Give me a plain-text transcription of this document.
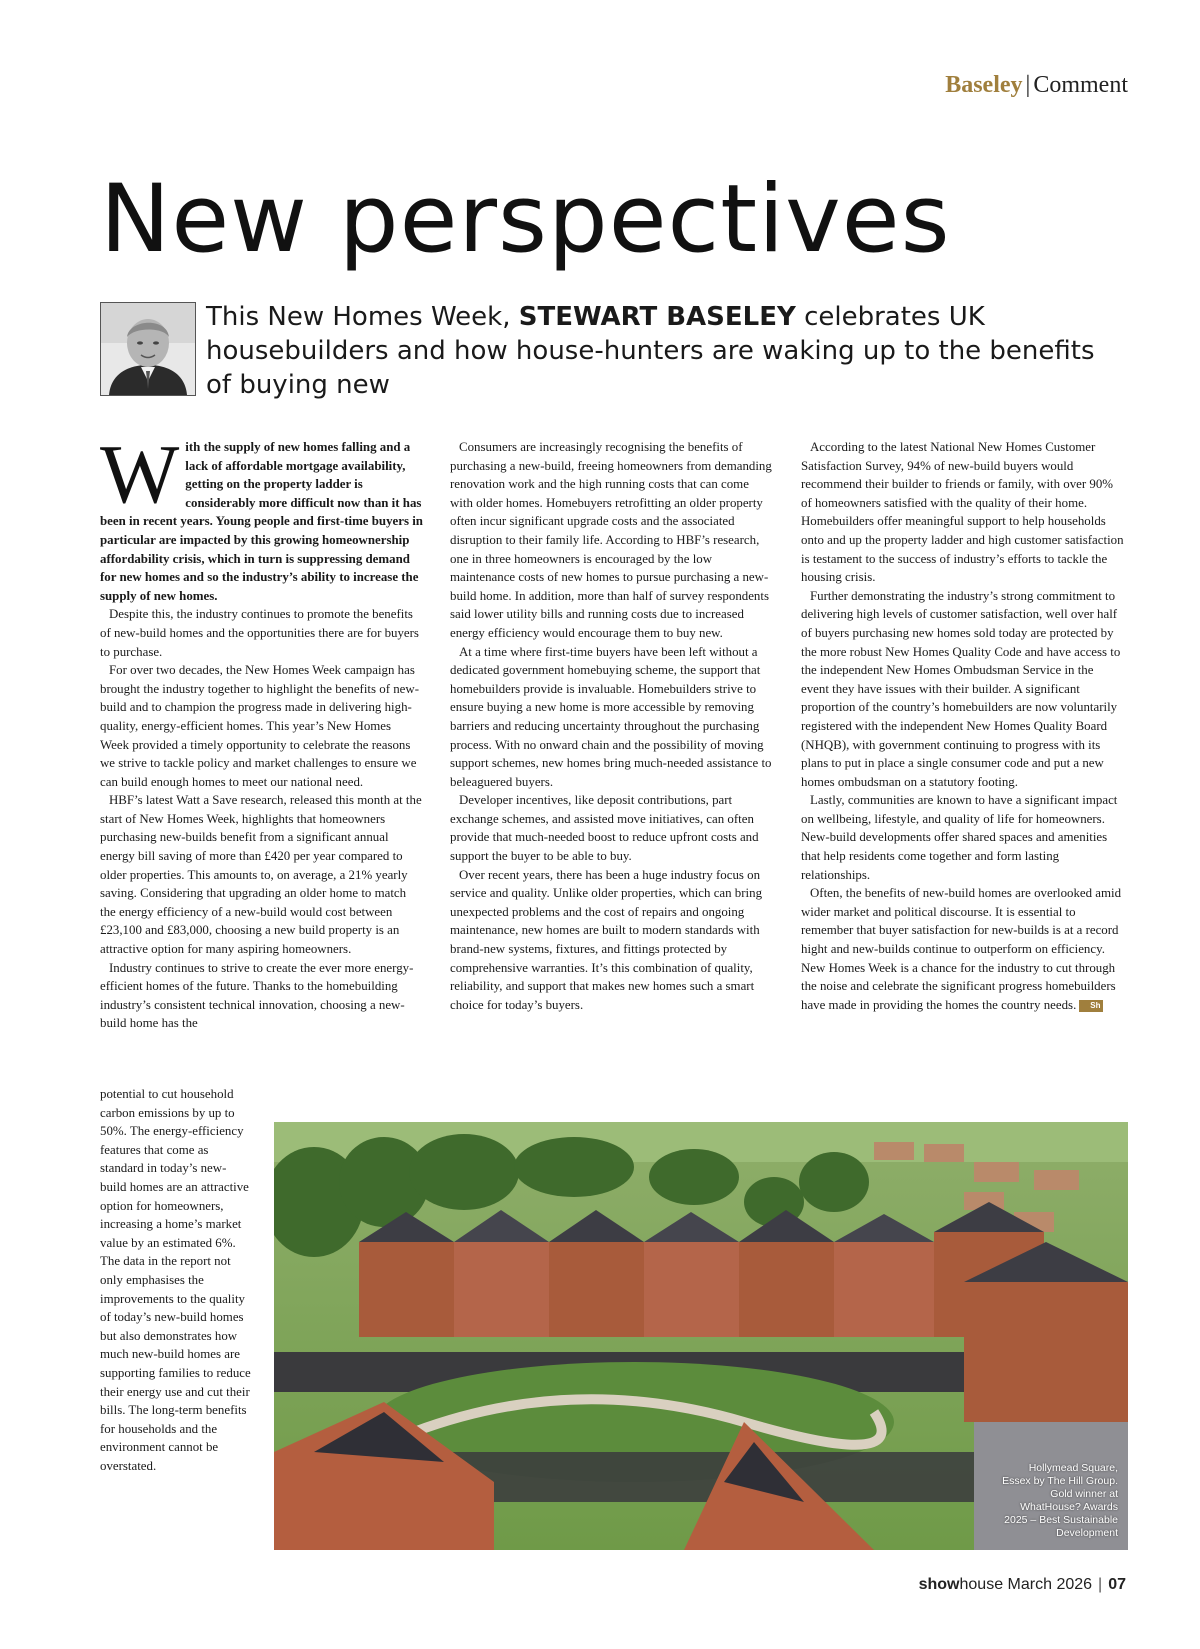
Baseley | Comment
New perspectives
This New Homes Week, STEWART BASELEY celebrates UK housebuilders and how house-hunters are waking up to the benefits of buying new

With the supply of new homes falling and a lack of affordable mortgage availability, getting on the property ladder is considerably more difficult now than it has been in recent years. Young people and first-time buyers in particular are impacted by this growing homeownership affordability crisis, which in turn is suppressing demand for new homes and so the industry’s ability to increase the supply of new homes.

Despite this, the industry continues to promote the benefits of new-build homes and the opportunities there are for buyers to purchase.

For over two decades, the New Homes Week campaign has brought the industry together to highlight the benefits of new-build and to champion the progress made in delivering high-quality, energy-efficient homes. This year’s New Homes Week provided a timely opportunity to celebrate the reasons we strive to tackle policy and market challenges to ensure we can build enough homes to meet our national need.

HBF’s latest Watt a Save research, released this month at the start of New Homes Week, highlights that homeowners purchasing new-builds benefit from a significant annual energy bill saving of more than £420 per year compared to older properties. This amounts to, on average, a 21% yearly saving. Considering that upgrading an older home to match the energy efficiency of a new-build would cost between £23,100 and £83,000, choosing a new build property is an attractive option for many aspiring homeowners.

Industry continues to strive to create the ever more energy-efficient homes of the future. Thanks to the homebuilding industry’s consistent technical innovation, choosing a new-build home has the

potential to cut household carbon emissions by up to 50%. The energy-efficiency features that come as standard in today’s new-build homes are an attractive option for homeowners, increasing a home’s market value by an estimated 6%. The data in the report not only emphasises the improvements to the quality of today’s new-build homes but also demonstrates how much new-build homes are supporting families to reduce their energy use and cut their bills. The long-term benefits for households and the environment cannot be overstated.

Consumers are increasingly recognising the benefits of purchasing a new-build, freeing homeowners from demanding renovation work and the high running costs that can come with older homes. Homebuyers retrofitting an older property often incur significant upgrade costs and the associated disruption to their family life. According to HBF’s research, one in three homeowners is encouraged by the low maintenance costs of new homes to pursue purchasing a new-build home. In addition, more than half of survey respondents said lower utility bills and running costs due to increased energy efficiency would encourage them to buy new.

At a time where first-time buyers have been left without a dedicated government homebuying scheme, the support that homebuilders provide is invaluable. Homebuilders strive to ensure buying a new home is more accessible by removing barriers and reducing uncertainty throughout the purchasing process. With no onward chain and the possibility of moving support schemes, new homes bring much-needed assistance to beleaguered buyers.

Developer incentives, like deposit contributions, part exchange schemes, and assisted move initiatives, can often provide that much-needed boost to reduce upfront costs and support the buyer to be able to buy.

Over recent years, there has been a huge industry focus on service and quality. Unlike older properties, which can bring unexpected problems and the cost of repairs and ongoing maintenance, new homes are built to modern standards with brand-new systems, fixtures, and fittings protected by comprehensive warranties. It’s this combination of quality, reliability, and support that makes new homes such a smart choice for today’s buyers.

According to the latest National New Homes Customer Satisfaction Survey, 94% of new-build buyers would recommend their builder to friends or family, with over 90% of homeowners satisfied with the quality of their home. Homebuilders offer meaningful support to help households onto and up the property ladder and high customer satisfaction is testament to the success of industry’s efforts to tackle the housing crisis.

Further demonstrating the industry’s strong commitment to delivering high levels of customer satisfaction, well over half of buyers purchasing new homes sold today are protected by the more robust New Homes Quality Code and have access to the independent New Homes Ombudsman Service in the event they have issues with their builder. A significant proportion of the country’s homebuilders are now voluntarily registered with the independent New Homes Quality Board (NHQB), with government continuing to progress with its plans to put in place a single consumer code and put a new homes ombudsman on a statutory footing.

Lastly, communities are known to have a significant impact on wellbeing, lifestyle, and quality of life for homeowners. New-build developments offer shared spaces and amenities that help residents come together and form lasting relationships.

Often, the benefits of new-build homes are overlooked amid wider market and political discourse. It is essential to remember that buyer satisfaction for new-builds is at a record hight and new-builds continue to outperform on efficiency. New Homes Week is a chance for the industry to cut through the noise and celebrate the significant progress homebuilders have made in providing the homes the country needs. Sh

Hollymead Square, Essex by The Hill Group. Gold winner at WhatHouse? Awards 2025 – Best Sustainable Development
showhouse March 2026 | 07
